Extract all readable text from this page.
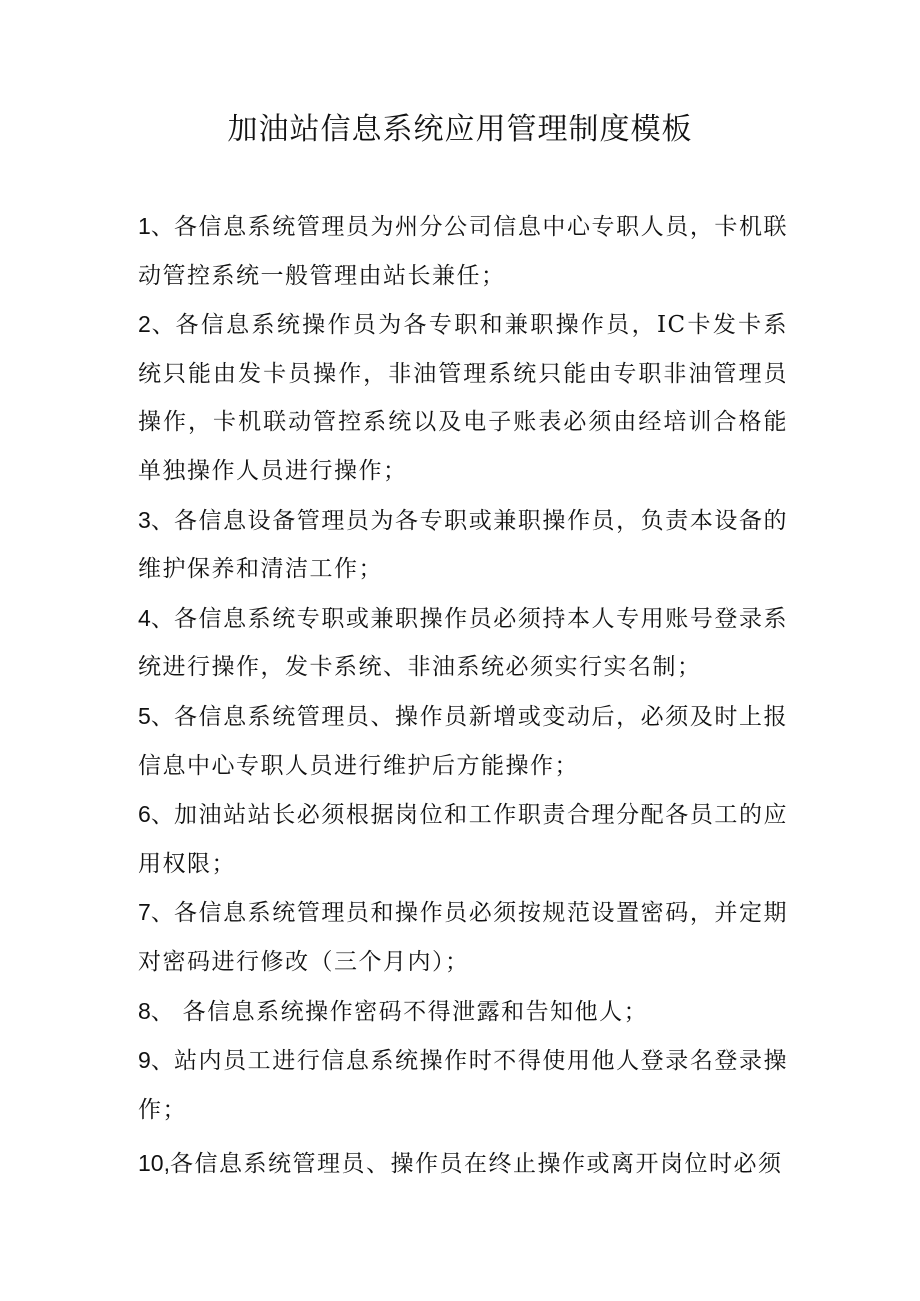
加油站信息系统应用管理制度模板
1、各信息系统管理员为州分公司信息中心专职人员，卡机联动管控系统一般管理由站长兼任；
2、各信息系统操作员为各专职和兼职操作员，IC卡发卡系统只能由发卡员操作，非油管理系统只能由专职非油管理员操作，卡机联动管控系统以及电子账表必须由经培训合格能单独操作人员进行操作；
3、各信息设备管理员为各专职或兼职操作员，负责本设备的维护保养和清洁工作；
4、各信息系统专职或兼职操作员必须持本人专用账号登录系统进行操作，发卡系统、非油系统必须实行实名制；
5、各信息系统管理员、操作员新增或变动后，必须及时上报信息中心专职人员进行维护后方能操作；
6、加油站站长必须根据岗位和工作职责合理分配各员工的应用权限；
7、各信息系统管理员和操作员必须按规范设置密码，并定期对密码进行修改（三个月内）；
8、 各信息系统操作密码不得泄露和告知他人；
9、站内员工进行信息系统操作时不得使用他人登录名登录操作；
10,各信息系统管理员、操作员在终止操作或离开岗位时必须
